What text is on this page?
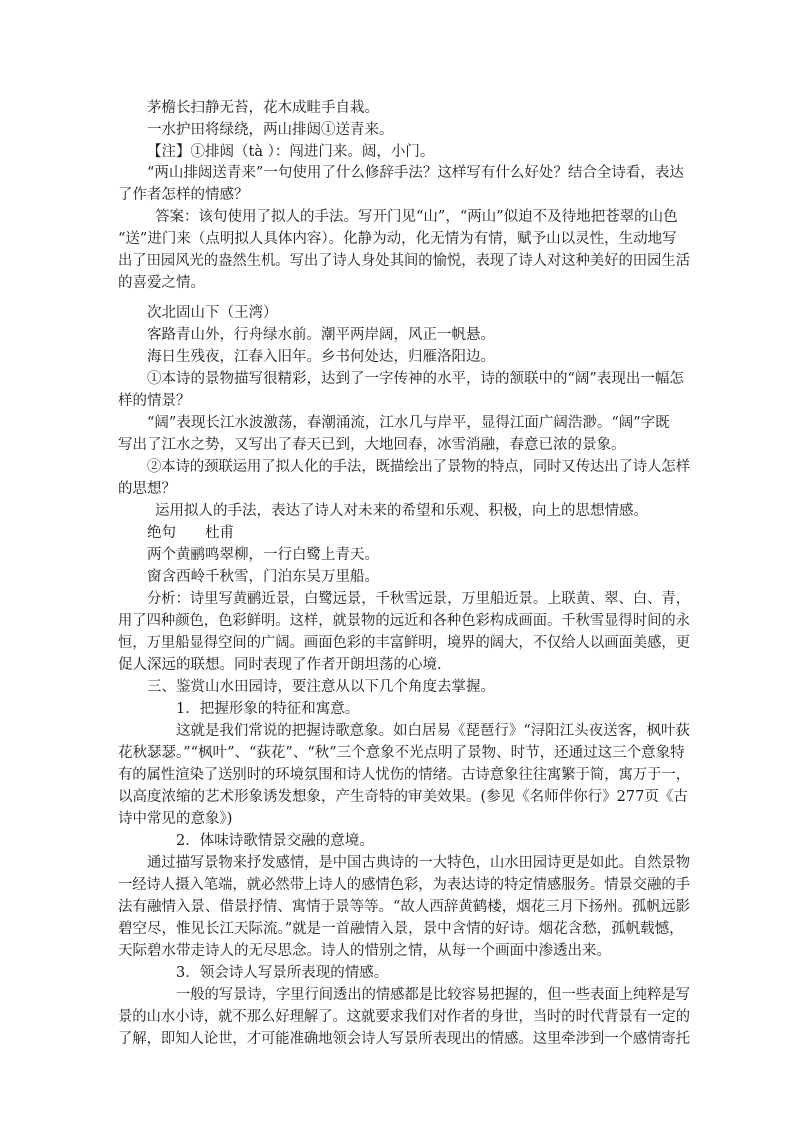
茅檐长扫静无苔，花木成畦手自栽。
一水护田将绿绕，两山排闼①送青来。
【注】①排闼（tà ）：闯进门来。闼，小门。
“两山排闼送青来”一句使用了什么修辞手法？这样写有什么好处？结合全诗看，表达
了作者怎样的情感？
答案：该句使用了拟人的手法。写开门见“山”，“两山”似迫不及待地把苍翠的山色
“送”进门来（点明拟人具体内容）。化静为动，化无情为有情，赋予山以灵性，生动地写
出了田园风光的盎然生机。写出了诗人身处其间的愉悦，表现了诗人对这种美好的田园生活
的喜爱之情。
次北固山下（王湾）
客路青山外，行舟绿水前。潮平两岸阔，风正一帆悬。
海日生残夜，江春入旧年。乡书何处达，归雁洛阳边。
①本诗的景物描写很精彩，达到了一字传神的水平，诗的颔联中的“阔”表现出一幅怎
样的情景？
“阔”表现长江水波激荡，春潮涌流，江水几与岸平，显得江面广阔浩渺。“阔”字既
写出了江水之势，又写出了春天已到，大地回春，冰雪消融，春意已浓的景象。
②本诗的颈联运用了拟人化的手法，既描绘出了景物的特点，同时又传达出了诗人怎样
的思想？
运用拟人的手法，表达了诗人对未来的希望和乐观、积极，向上的思想情感。
绝句　　杜甫
两个黄鹂鸣翠柳，一行白鹭上青天。
窗含西岭千秋雪，门泊东吴万里船。
分析：诗里写黄鹂近景，白鹭远景，千秋雪远景，万里船近景。上联黄、翠、白、青，
用了四种颜色，色彩鲜明。这样，就景物的远近和各种色彩构成画面。千秋雪显得时间的永
恒，万里船显得空间的广阔。画面色彩的丰富鲜明，境界的阔大，不仅给人以画面美感，更
促人深远的联想。同时表现了作者开朗坦荡的心境.
三、鉴赏山水田园诗，要注意从以下几个角度去掌握。
1．把握形象的特征和寓意。
这就是我们常说的把握诗歌意象。如白居易《琵琶行》“浔阳江头夜送客，枫叶荻
花秋瑟瑟。”“枫叶”、“荻花”、“秋”三个意象不光点明了景物、时节，还通过这三个意象特
有的属性渲染了送别时的环境氛围和诗人忧伤的情绪。古诗意象往往寓繁于简，寓万于一，
以高度浓缩的艺术形象诱发想象，产生奇特的审美效果。(参见《名师伴你行》277页《古
诗中常见的意象》)
2．体味诗歌情景交融的意境。
通过描写景物来抒发感情，是中国古典诗的一大特色，山水田园诗更是如此。自然景物
一经诗人摄入笔端，就必然带上诗人的感情色彩，为表达诗的特定情感服务。情景交融的手
法有融情入景、借景抒情、寓情于景等等。“故人西辞黄鹤楼，烟花三月下扬州。孤帆远影
碧空尽，惟见长江天际流。”就是一首融情入景，景中含情的好诗。烟花含愁，孤帆载憾，
天际碧水带走诗人的无尽思念。诗人的惜别之情，从每一个画面中渗透出来。
3．领会诗人写景所表现的情感。
一般的写景诗，字里行间透出的情感都是比较容易把握的，但一些表面上纯粹是写
景的山水小诗，就不那么好理解了。这就要求我们对作者的身世，当时的时代背景有一定的
了解，即知人论世，才可能准确地领会诗人写景所表现出的情感。这里牵涉到一个感情寄托
